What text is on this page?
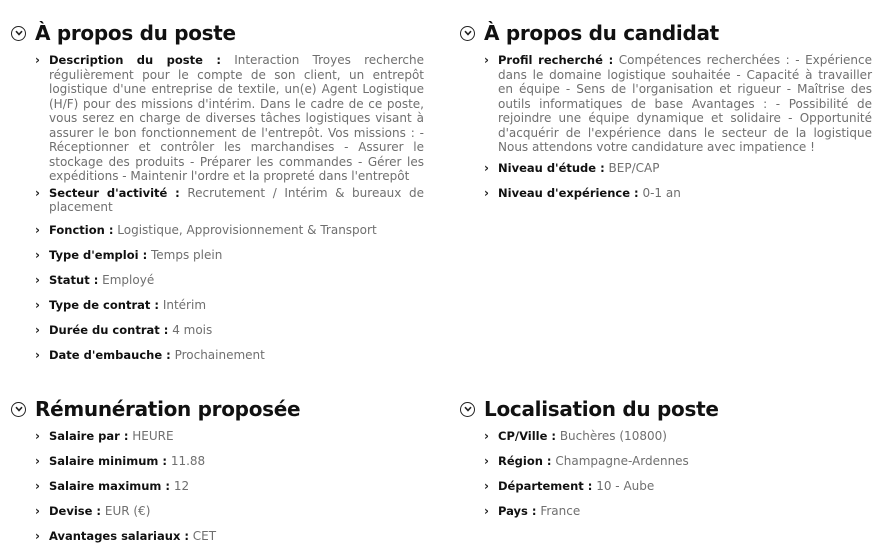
À propos du poste
› Description du poste : Interaction Troyes recherche régulièrement pour le compte de son client, un entrepôt logistique d'une entreprise de textile, un(e) Agent Logistique (H/F) pour des missions d'intérim. Dans le cadre de ce poste, vous serez en charge de diverses tâches logistiques visant à assurer le bon fonctionnement de l'entrepôt. Vos missions : - Réceptionner et contrôler les marchandises - Assurer le stockage des produits - Préparer les commandes - Gérer les expéditions - Maintenir l'ordre et la propreté dans l'entrepôt
› Secteur d'activité : Recrutement / Intérim & bureaux de placement
› Fonction : Logistique, Approvisionnement & Transport
› Type d'emploi : Temps plein
› Statut : Employé
› Type de contrat : Intérim
› Durée du contrat : 4 mois
› Date d'embauche : Prochainement
À propos du candidat
› Profil recherché : Compétences recherchées : - Expérience dans le domaine logistique souhaitée - Capacité à travailler en équipe - Sens de l'organisation et rigueur - Maîtrise des outils informatiques de base Avantages : - Possibilité de rejoindre une équipe dynamique et solidaire - Opportunité d'acquérir de l'expérience dans le secteur de la logistique Nous attendons votre candidature avec impatience !
› Niveau d'étude : BEP/CAP
› Niveau d'expérience : 0-1 an
Rémunération proposée
› Salaire par : HEURE
› Salaire minimum : 11.88
› Salaire maximum : 12
› Devise : EUR (€)
› Avantages salariaux : CET
Localisation du poste
› CP/Ville : Buchères (10800)
› Région : Champagne-Ardennes
› Département : 10 - Aube
› Pays : France
